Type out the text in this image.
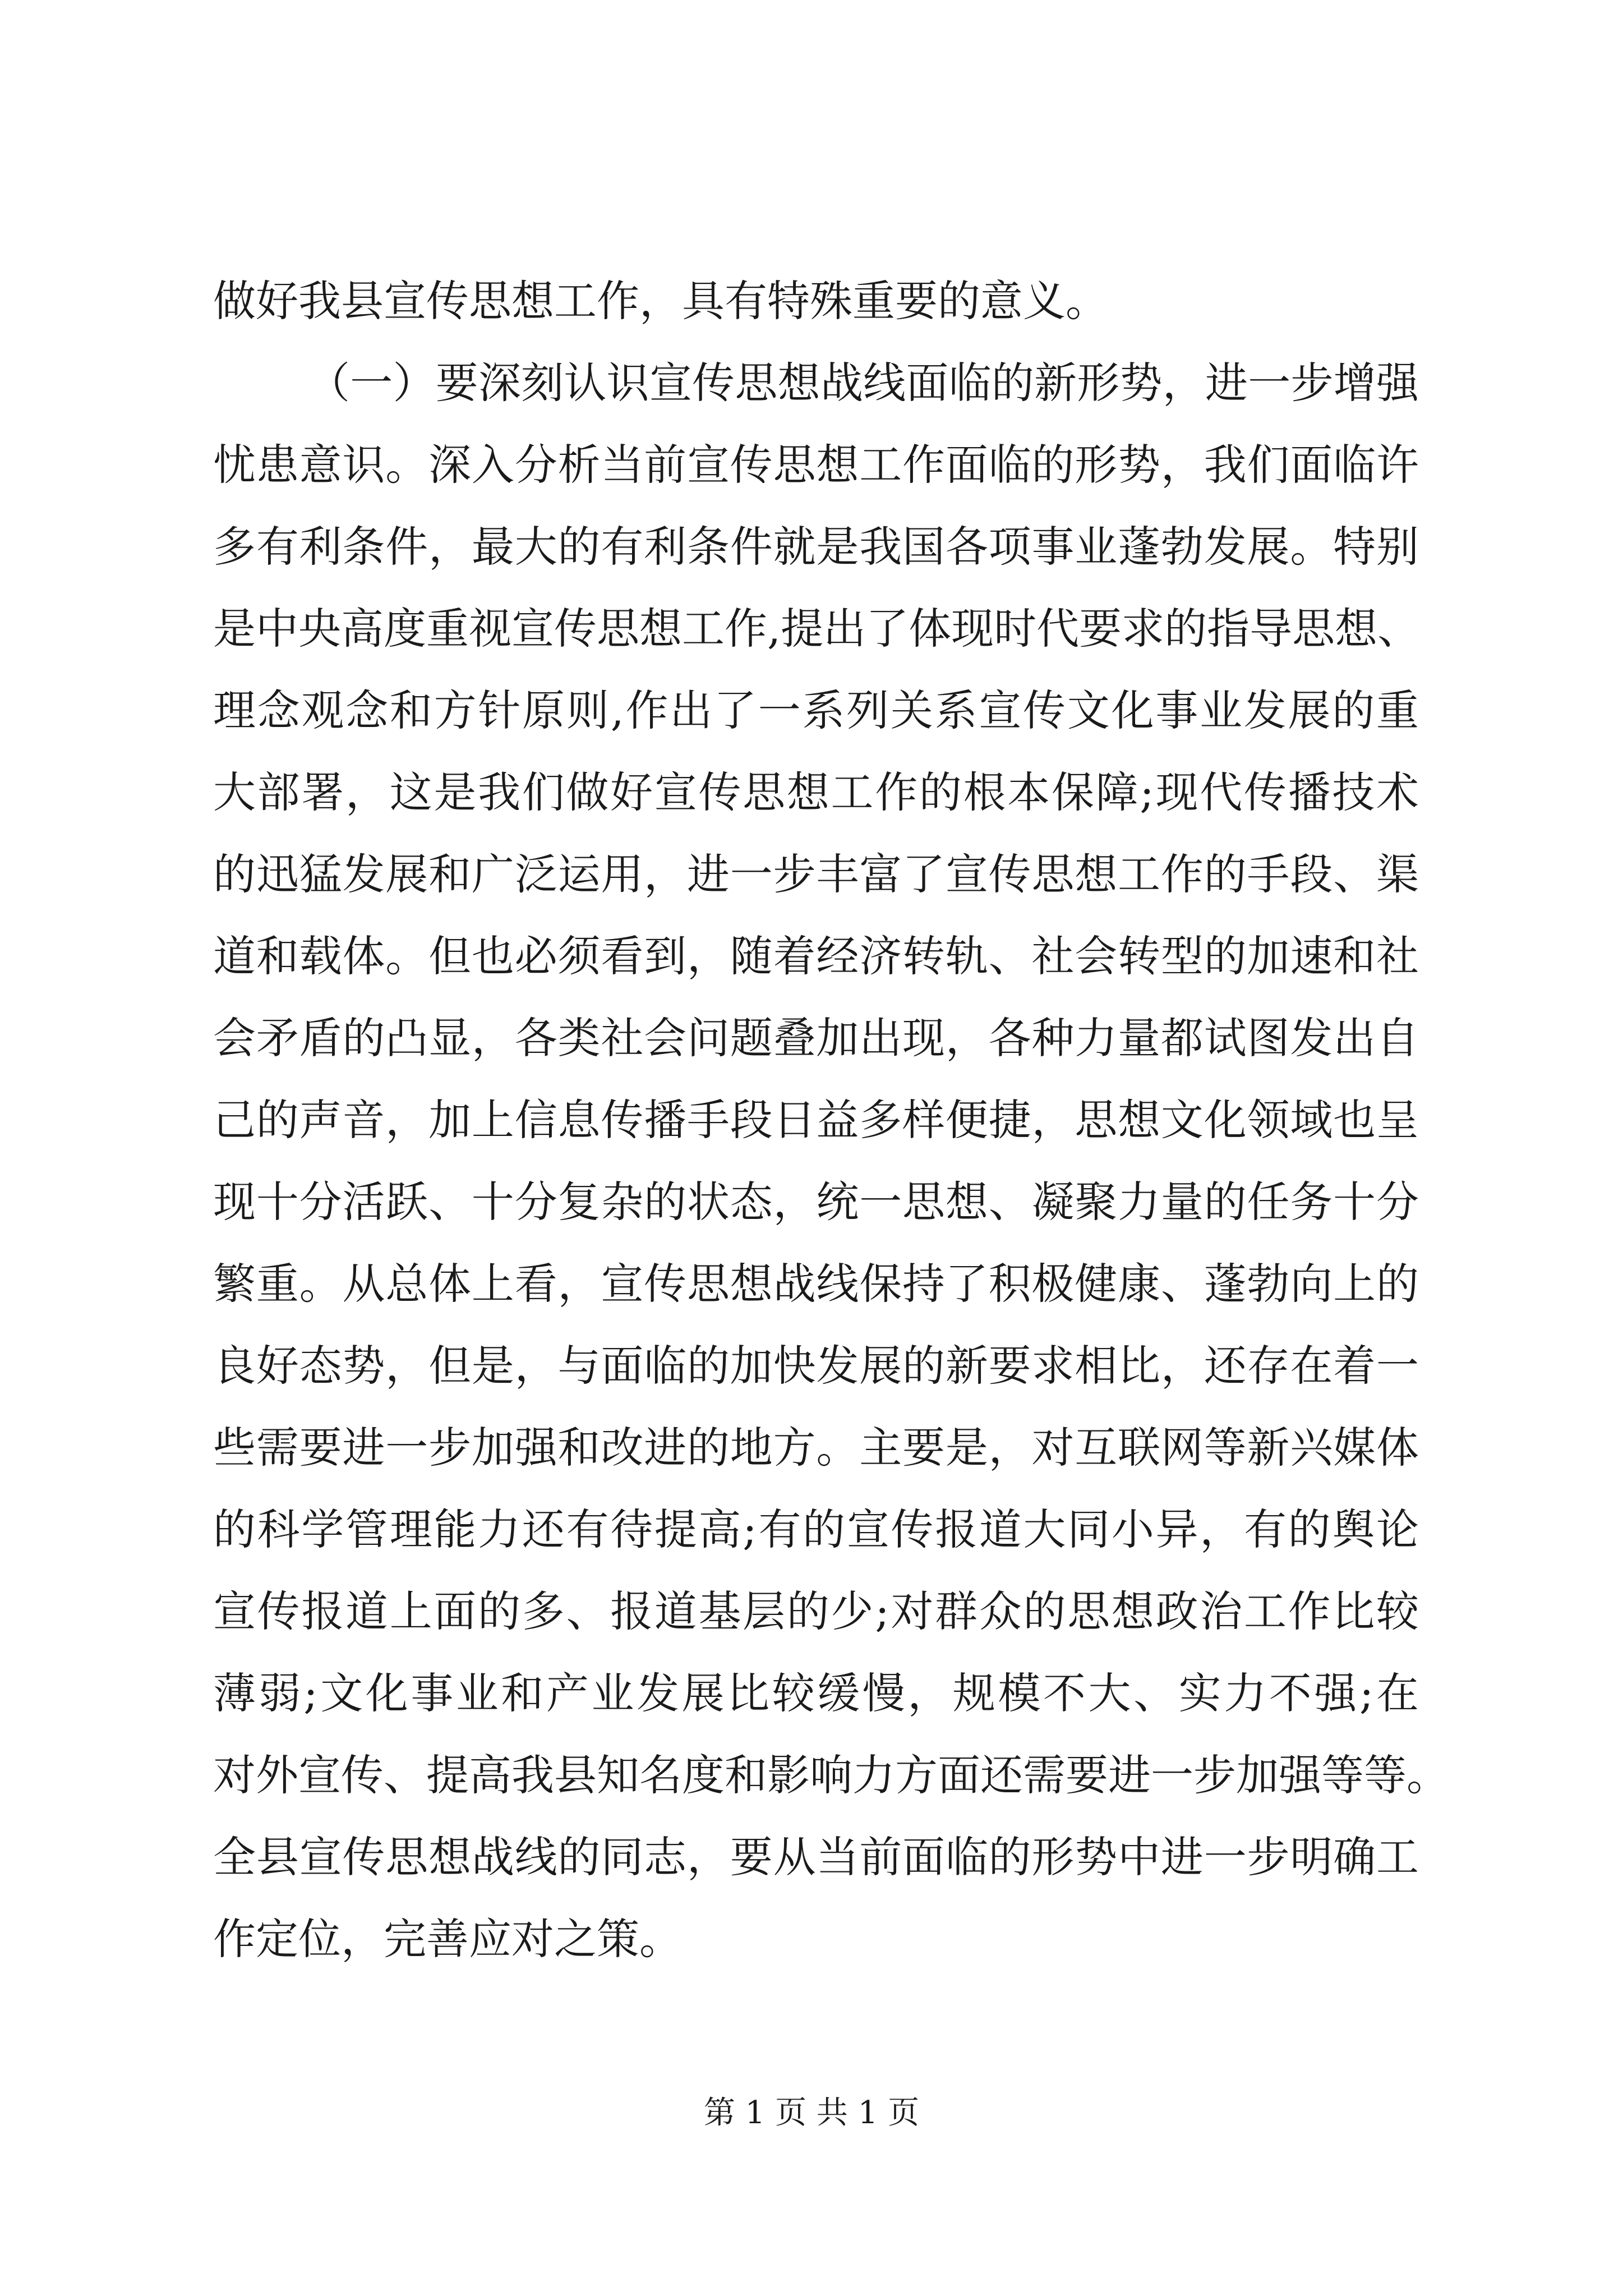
做好我县宣传思想工作，具有特殊重要的意义。
（一）要深刻认识宣传思想战线面临的新形势，进一步增强
忧患意识。深入分析当前宣传思想工作面临的形势，我们面临许
多有利条件，最大的有利条件就是我国各项事业蓬勃发展。特别
是中央高度重视宣传思想工作,提出了体现时代要求的指导思想、
理念观念和方针原则,作出了一系列关系宣传文化事业发展的重
大部署，这是我们做好宣传思想工作的根本保障;现代传播技术
的迅猛发展和广泛运用，进一步丰富了宣传思想工作的手段、渠
道和载体。但也必须看到，随着经济转轨、社会转型的加速和社
会矛盾的凸显，各类社会问题叠加出现，各种力量都试图发出自
己的声音，加上信息传播手段日益多样便捷，思想文化领域也呈
现十分活跃、十分复杂的状态，统一思想、凝聚力量的任务十分
繁重。从总体上看，宣传思想战线保持了积极健康、蓬勃向上的
良好态势，但是，与面临的加快发展的新要求相比，还存在着一
些需要进一步加强和改进的地方。主要是，对互联网等新兴媒体
的科学管理能力还有待提高;有的宣传报道大同小异，有的舆论
宣传报道上面的多、报道基层的少;对群众的思想政治工作比较
薄弱;文化事业和产业发展比较缓慢，规模不大、实力不强;在
对外宣传、提高我县知名度和影响力方面还需要进一步加强等等。
全县宣传思想战线的同志，要从当前面临的形势中进一步明确工
作定位，完善应对之策。
第 1 页 共 1 页
